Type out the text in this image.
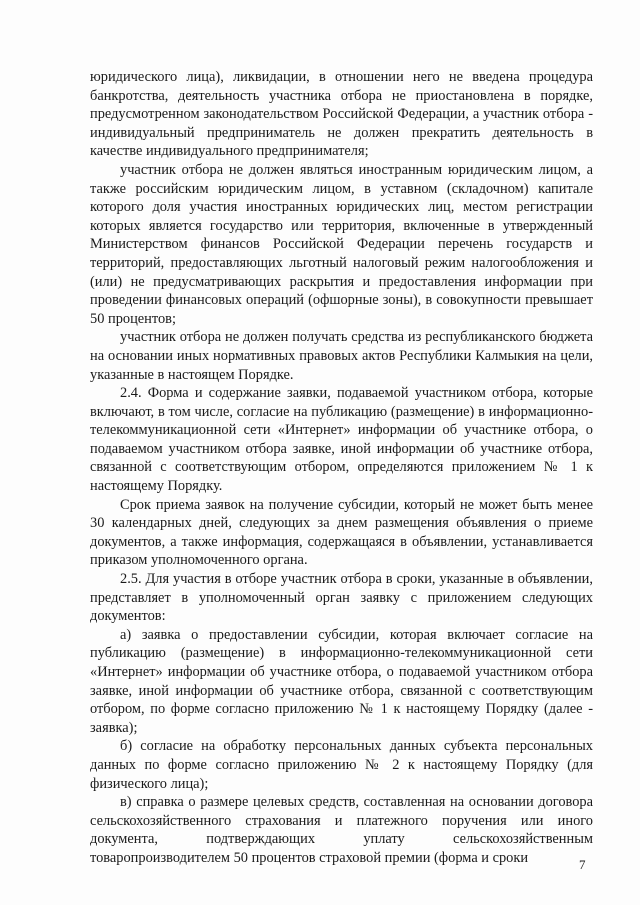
юридического лица), ликвидации, в отношении него не введена процедура банкротства, деятельность участника отбора не приостановлена в порядке, предусмотренном законодательством Российской Федерации, а участник отбора - индивидуальный предприниматель не должен прекратить деятельность в качестве индивидуального предпринимателя;

участник отбора не должен являться иностранным юридическим лицом, а также российским юридическим лицом, в уставном (складочном) капитале которого доля участия иностранных юридических лиц, местом регистрации которых является государство или территория, включенные в утвержденный Министерством финансов Российской Федерации перечень государств и территорий, предоставляющих льготный налоговый режим налогообложения и (или) не предусматривающих раскрытия и предоставления информации при проведении финансовых операций (офшорные зоны), в совокупности превышает 50 процентов;

участник отбора не должен получать средства из республиканского бюджета на основании иных нормативных правовых актов Республики Калмыкия на цели, указанные в настоящем Порядке.

2.4. Форма и содержание заявки, подаваемой участником отбора, которые включают, в том числе, согласие на публикацию (размещение) в информационно-телекоммуникационной сети «Интернет» информации об участнике отбора, о подаваемом участником отбора заявке, иной информации об участнике отбора, связанной с соответствующим отбором, определяются приложением № 1 к настоящему Порядку.

Срок приема заявок на получение субсидии, который не может быть менее 30 календарных дней, следующих за днем размещения объявления о приеме документов, а также информация, содержащаяся в объявлении, устанавливается приказом уполномоченного органа.

2.5. Для участия в отборе участник отбора в сроки, указанные в объявлении, представляет в уполномоченный орган заявку с приложением следующих документов:

а) заявка о предоставлении субсидии, которая включает согласие на публикацию (размещение) в информационно-телекоммуникационной сети «Интернет» информации об участнике отбора, о подаваемой участником отбора заявке, иной информации об участнике отбора, связанной с соответствующим отбором, по форме согласно приложению № 1 к настоящему Порядку (далее - заявка);

б) согласие на обработку персональных данных субъекта персональных данных по форме согласно приложению № 2 к настоящему Порядку (для физического лица);

в) справка о размере целевых средств, составленная на основании договора сельскохозяйственного страхования и платежного поручения или иного документа, подтверждающих уплату сельскохозяйственным товаропроизводителем 50 процентов страховой премии (форма и сроки	7
